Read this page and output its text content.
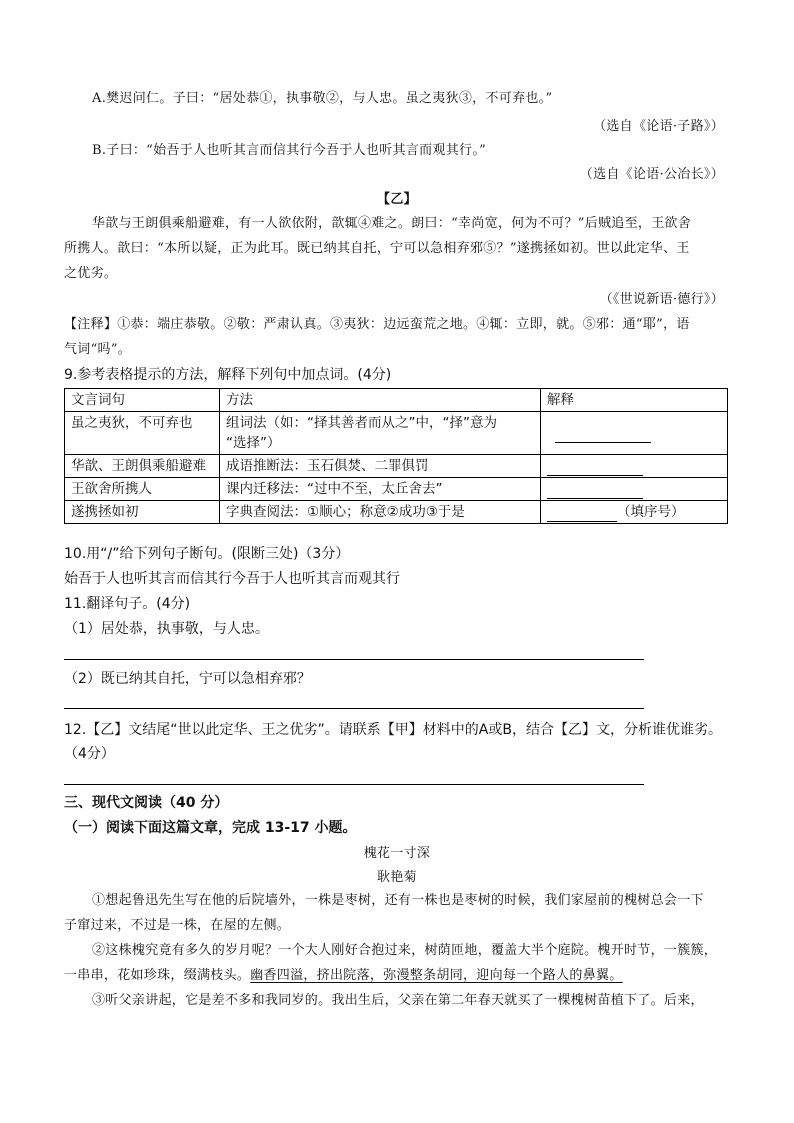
A.樊迟问仁。子曰：“居处恭①，执事敬②，与人忠。虽之夷狄③，不可弃也。”
（选自《论语·子路》）
B.子曰：“始吾于人也听其言而信其行今吾于人也听其言而观其行。”
（选自《论语·公冶长》）
【乙】
华歆与王朗俱乘船避难，有一人欲依附，歆辄④难之。朗曰：“幸尚宽，何为不可？”后贼追至，王欲舍
所携人。歆曰：“本所以疑，正为此耳。既已纳其自托，宁可以急相弃邪⑤？”遂携拯如初。世以此定华、王
之优劣。
（《世说新语·德行》）
【注释】①恭：端庄恭敬。②敬：严肃认真。③夷狄：边远蛮荒之地。④辄：立即，就。⑤邪：通“耶”，语
气词“吗”。
9.参考表格提示的方法，解释下列句中加点词。(4分)
文言词句	方法	解释
虽之夷狄，不可弃也	组词法（如：“择其善者而从之”中，“择”意为
“选择”）	

华歆、王朗俱乘船避难	成语推断法：玉石俱焚、二罪俱罚	
王欲舍所携人	课内迁移法：“过中不至，太丘舍去”	
遂携拯如初	字典查阅法：①顺心；称意②成功③于是	（填序号）
10.用“/”给下列句子断句。(限断三处)（3分）
始吾于人也听其言而信其行今吾于人也听其言而观其行
11.翻译句子。(4分)
（1）居处恭，执事敬，与人忠。
（2）既已纳其自托，宁可以急相弃邪？
12.【乙】文结尾“世以此定华、王之优劣”。请联系【甲】材料中的A或B，结合【乙】文，分析谁优谁劣。
（4分）
三、现代文阅读（40 分）
（一）阅读下面这篇文章，完成 13-17 小题。
槐花一寸深
耿艳菊
①想起鲁迅先生写在他的后院墙外，一株是枣树，还有一株也是枣树的时候，我们家屋前的槐树总会一下
子窜过来，不过是一株，在屋的左侧。
②这株槐究竟有多久的岁月呢？一个大人刚好合抱过来，树荫匝地，覆盖大半个庭院。槐开时节，一簇簇，
一串串，花如珍珠，缀满枝头。幽香四溢，挤出院落，弥漫整条胡同，迎向每一个路人的鼻翼。
③听父亲讲起，它是差不多和我同岁的。我出生后，父亲在第二年春天就买了一棵槐树苗植下了。后来，
